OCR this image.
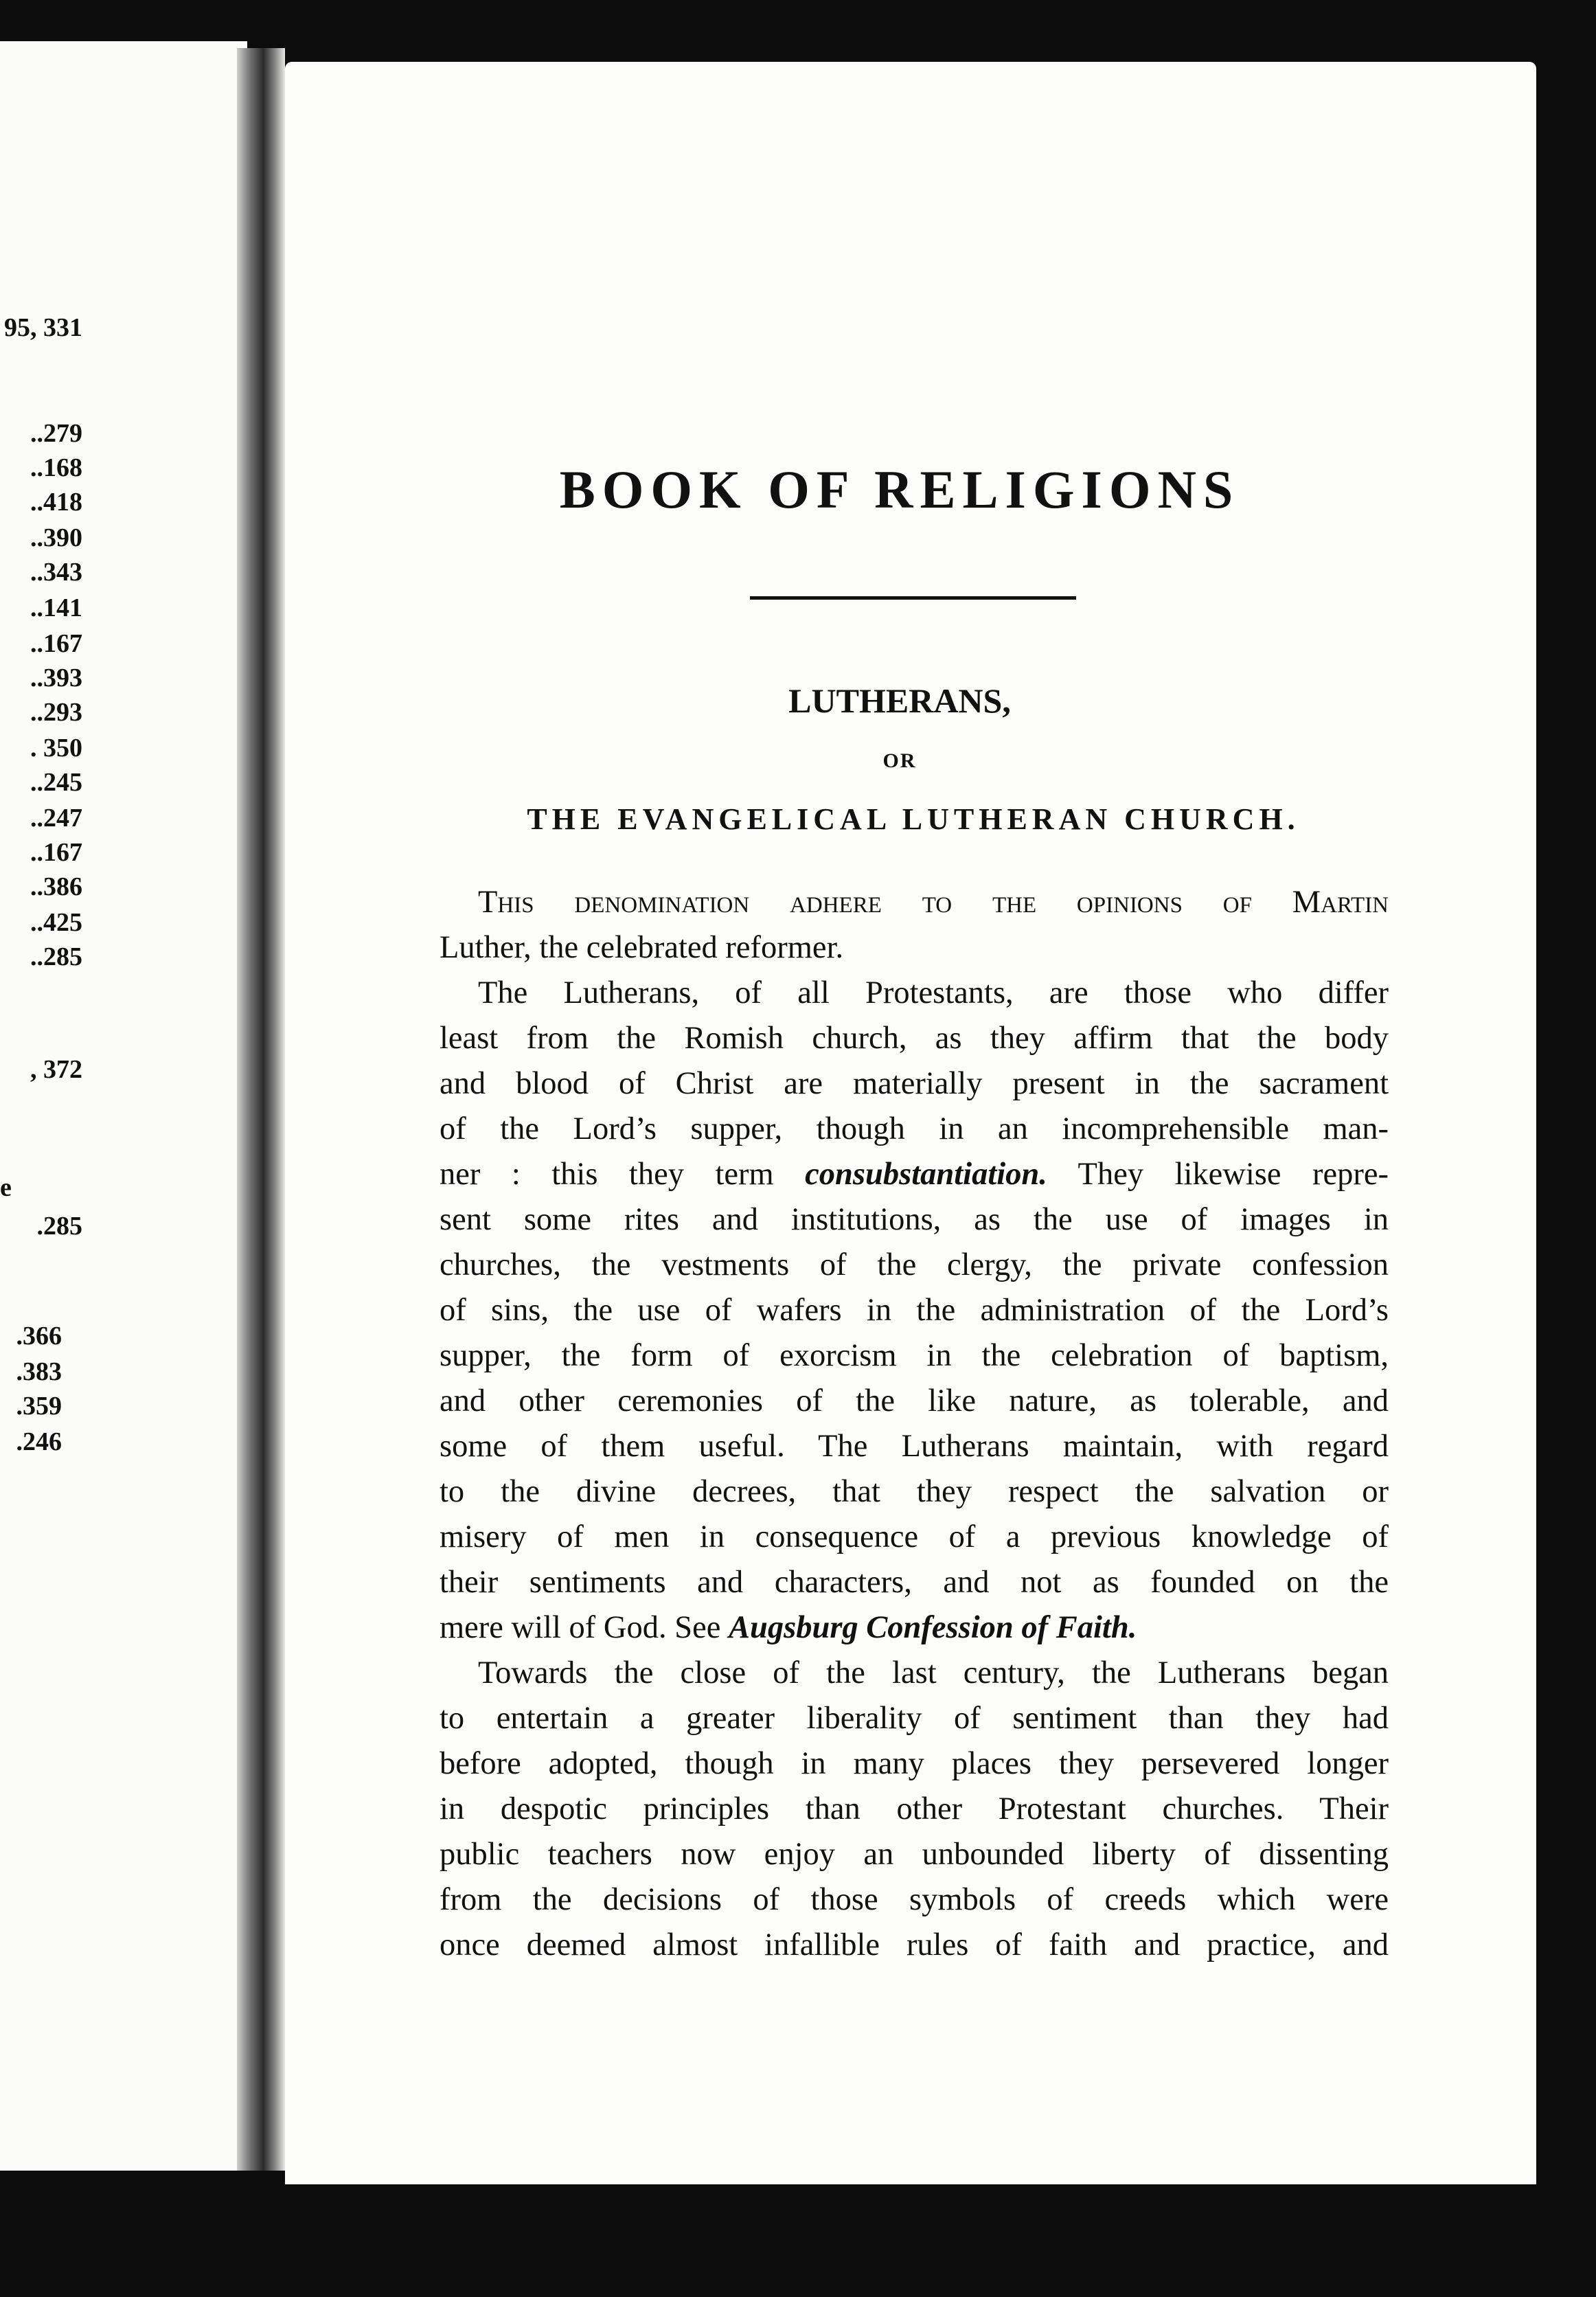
95, 331
..279
..168
..418
..390
..343
..141
..167
..393
..293
. 350
..245
..247
..167
..386
..425
..285
, 372
e
.285
.366
.383
.359
.246
BOOK OF RELIGIONS
LUTHERANS,
OR
THE EVANGELICAL LUTHERAN CHURCH.
This denomination adhere to the opinions of Martin
Luther, the celebrated reformer.
The Lutherans, of all Protestants, are those who differ
least from the Romish church, as they affirm that the body
and blood of Christ are materially present in the sacrament
of the Lord’s supper, though in an incomprehensible man-
ner : this they term consubstantiation. They likewise repre-
sent some rites and institutions, as the use of images in
churches, the vestments of the clergy, the private confession
of sins, the use of wafers in the administration of the Lord’s
supper, the form of exorcism in the celebration of baptism,
and other ceremonies of the like nature, as tolerable, and
some of them useful. The Lutherans maintain, with regard
to the divine decrees, that they respect the salvation or
misery of men in consequence of a previous knowledge of
their sentiments and characters, and not as founded on the
mere will of God. See Augsburg Confession of Faith.
Towards the close of the last century, the Lutherans began
to entertain a greater liberality of sentiment than they had
before adopted, though in many places they persevered longer
in despotic principles than other Protestant churches. Their
public teachers now enjoy an unbounded liberty of dissenting
from the decisions of those symbols of creeds which were
once deemed almost infallible rules of faith and practice, and
